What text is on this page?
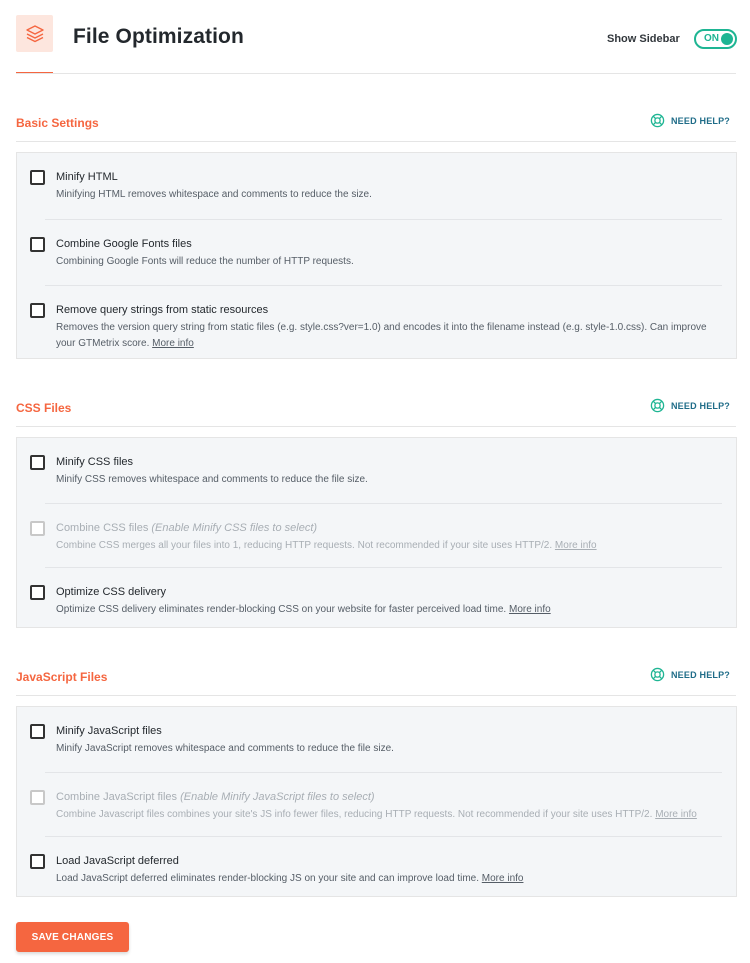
File Optimization	Show Sidebar ON
Basic Settings	NEED HELP?
Minify HTML
Minifying HTML removes whitespace and comments to reduce the size.
Combine Google Fonts files
Combining Google Fonts will reduce the number of HTTP requests.
Remove query strings from static resources
Removes the version query string from static files (e.g. style.css?ver=1.0) and encodes it into the filename instead (e.g. style-1.0.css). Can improve your GTMetrix score. More info
CSS Files	NEED HELP?
Minify CSS files
Minify CSS removes whitespace and comments to reduce the file size.
Combine CSS files (Enable Minify CSS files to select)
Combine CSS merges all your files into 1, reducing HTTP requests. Not recommended if your site uses HTTP/2. More info
Optimize CSS delivery
Optimize CSS delivery eliminates render-blocking CSS on your website for faster perceived load time. More info
JavaScript Files	NEED HELP?
Minify JavaScript files
Minify JavaScript removes whitespace and comments to reduce the file size.
Combine JavaScript files (Enable Minify JavaScript files to select)
Combine Javascript files combines your site's JS info fewer files, reducing HTTP requests. Not recommended if your site uses HTTP/2. More info
Load JavaScript deferred
Load JavaScript deferred eliminates render-blocking JS on your site and can improve load time. More info
SAVE CHANGES
